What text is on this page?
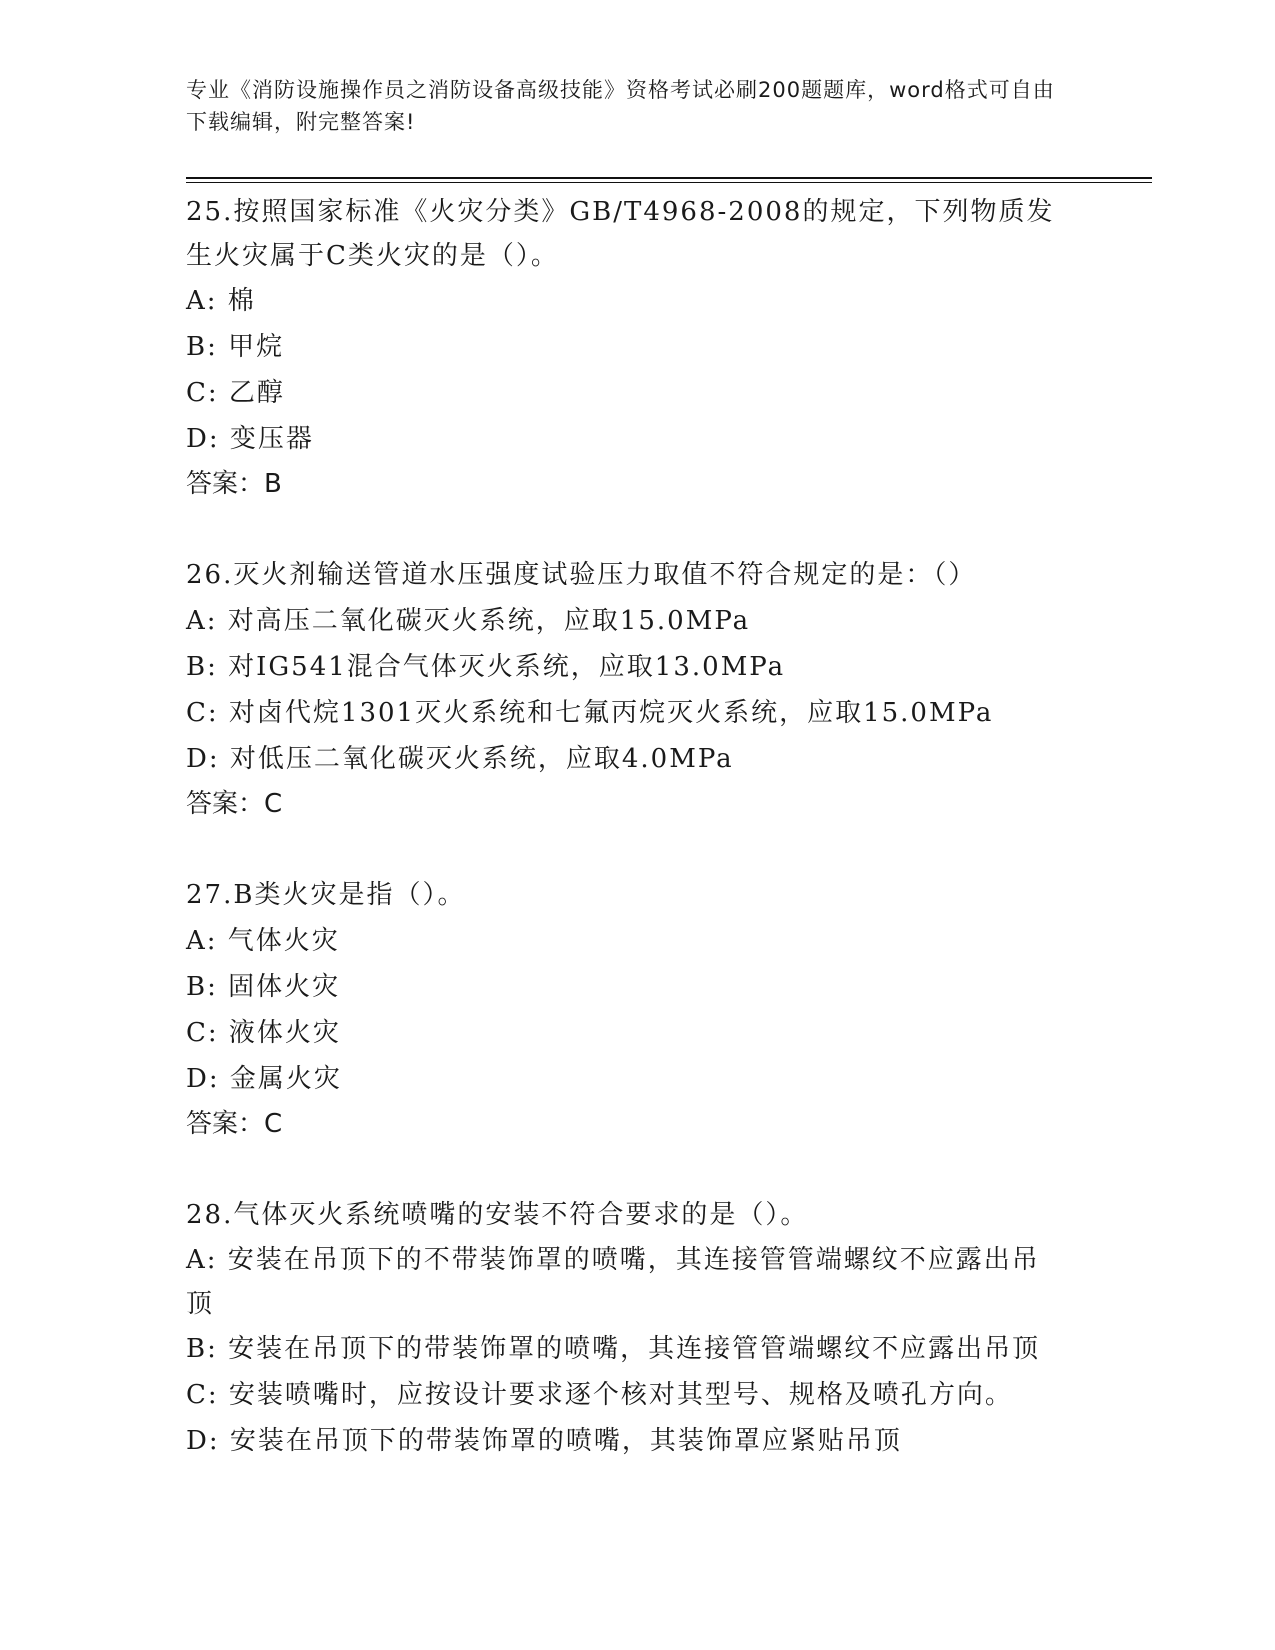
专业《消防设施操作员之消防设备高级技能》资格考试必刷200题题库，word格式可自由下载编辑，附完整答案!

25.按照国家标准《火灾分类》GB/T4968-2008的规定，下列物质发生火灾属于C类火灾的是（）。

A: 棉

B: 甲烷

C: 乙醇

D: 变压器

答案：B

26.灭火剂输送管道水压强度试验压力取值不符合规定的是：（）

A: 对高压二氧化碳灭火系统，应取15.0MPa

B: 对IG541混合气体灭火系统，应取13.0MPa

C: 对卤代烷1301灭火系统和七氟丙烷灭火系统，应取15.0MPa

D: 对低压二氧化碳灭火系统，应取4.0MPa

答案：C

27.B类火灾是指（）。

A: 气体火灾

B: 固体火灾

C: 液体火灾

D: 金属火灾

答案：C

28.气体灭火系统喷嘴的安装不符合要求的是（）。

A: 安装在吊顶下的不带装饰罩的喷嘴，其连接管管端螺纹不应露出吊顶

B: 安装在吊顶下的带装饰罩的喷嘴，其连接管管端螺纹不应露出吊顶

C: 安装喷嘴时，应按设计要求逐个核对其型号、规格及喷孔方向。

D: 安装在吊顶下的带装饰罩的喷嘴，其装饰罩应紧贴吊顶
